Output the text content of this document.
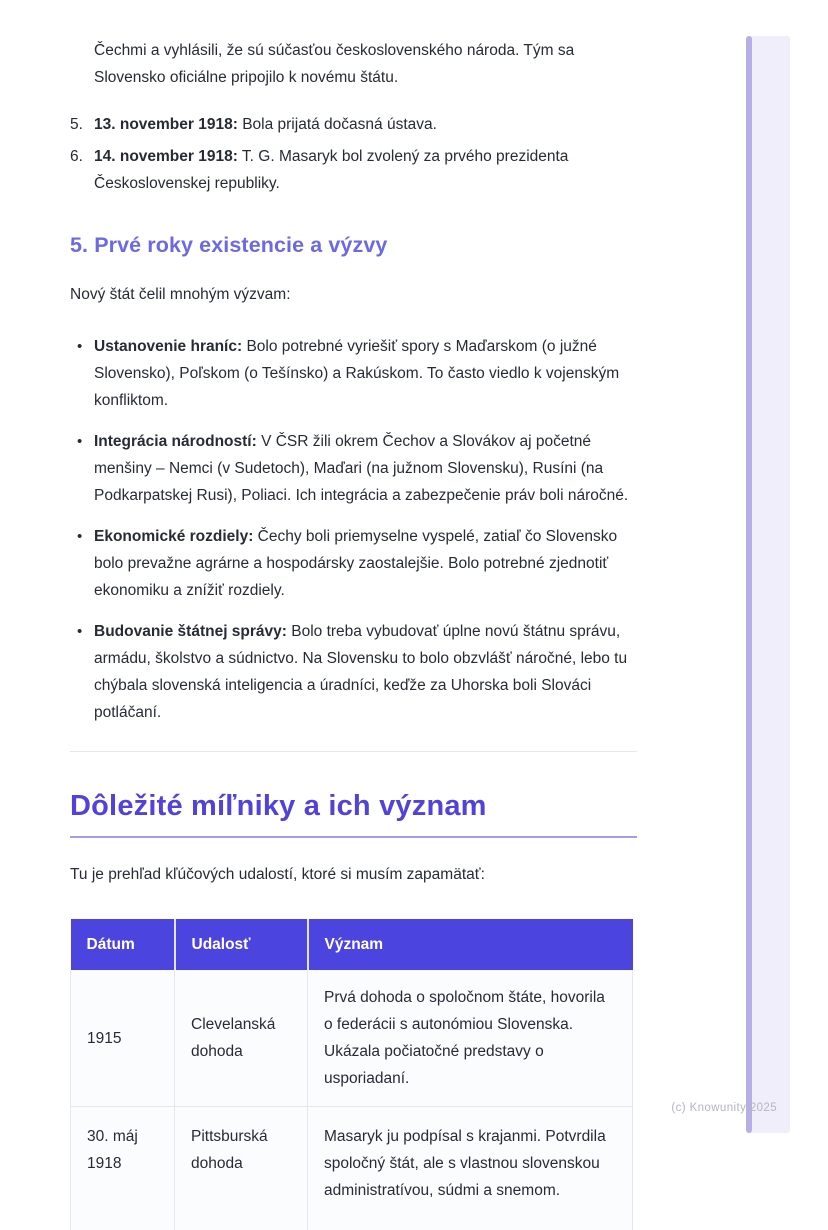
Čechmi a vyhlásili, že sú súčasťou československého národa. Tým sa Slovensko oficiálne pripojilo k novému štátu.

5. 13. november 1918: Bola prijatá dočasná ústava.
6. 14. november 1918: T. G. Masaryk bol zvolený za prvého prezidenta Československej republiky.
5. Prvé roky existencie a výzvy

Nový štát čelil mnohým výzvam:

•
Ustanovenie hraníc: Bolo potrebné vyriešiť spory s Maďarskom (o južné Slovensko), Poľskom (o Tešínsko) a Rakúskom. To často viedlo k vojenským konfliktom.
•
Integrácia národností: V ČSR žili okrem Čechov a Slovákov aj početné menšiny – Nemci (v Sudetoch), Maďari (na južnom Slovensku), Rusíni (na Podkarpatskej Rusi), Poliaci. Ich integrácia a zabezpečenie práv boli náročné.
•
Ekonomické rozdiely: Čechy boli priemyselne vyspelé, zatiaľ čo Slovensko bolo prevažne agrárne a hospodársky zaostalejšie. Bolo potrebné zjednotiť ekonomiku a znížiť rozdiely.
•
Budovanie štátnej správy: Bolo treba vybudovať úplne novú štátnu správu, armádu, školstvo a súdnictvo. Na Slovensku to bolo obzvlášť náročné, lebo tu chýbala slovenská inteligencia a úradníci, keďže za Uhorska boli Slováci potláčaní.
Dôležité míľniky a ich význam

Tu je prehľad kľúčových udalostí, ktoré si musím zapamätať:

Dátum	Udalosť	Význam
1915	Clevelanská dohoda	Prvá dohoda o spoločnom štáte, hovorila o federácii s autonómiou Slovenska. Ukázala počiatočné predstavy o usporiadaní.
30. máj 1918	Pittsburská dohoda	Masaryk ju podpísal s krajanmi. Potvrdila spoločný štát, ale s vlastnou slovenskou administratívou, súdmi a snemom.
(c) Knowunity 2025
